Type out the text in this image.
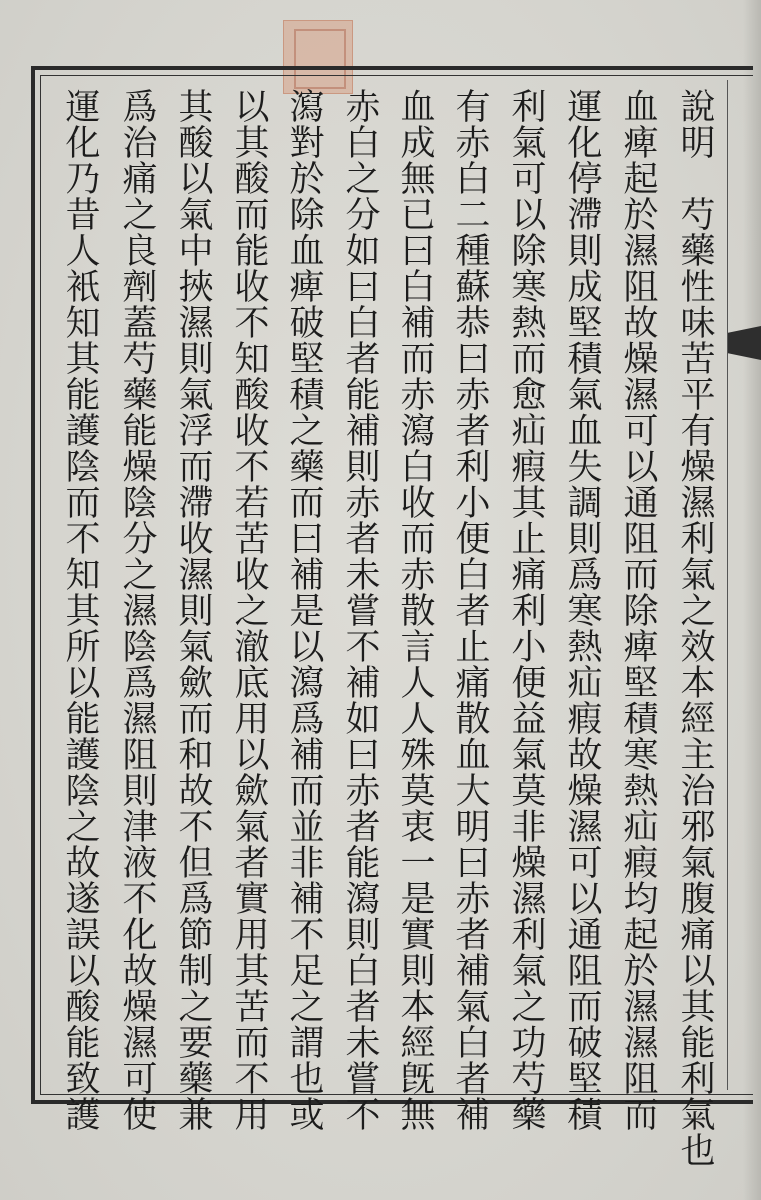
說明　芍藥性味苦平有燥濕利氣之效本經主治邪氣腹痛以其能利氣也
血痺起於濕阻故燥濕可以通阻而除痺堅積寒熱疝瘕均起於濕濕阻而
運化停滯則成堅積氣血失調則爲寒熱疝瘕故燥濕可以通阻而破堅積
利氣可以除寒熱而愈疝瘕其止痛利小便益氣莫非燥濕利氣之功芍藥
有赤白二種蘇恭曰赤者利小便白者止痛散血大明曰赤者補氣白者補
血成無已曰白補而赤瀉白收而赤散言人人殊莫衷一是實則本經旣無
赤白之分如曰白者能補則赤者未嘗不補如曰赤者能瀉則白者未嘗不
瀉對於除血痺破堅積之藥而曰補是以瀉爲補而並非補不足之謂也或
以其酸而能收不知酸收不若苦收之澈底用以歛氣者實用其苦而不用
其酸以氣中挾濕則氣浮而滯收濕則氣歛而和故不但爲節制之要藥兼
爲治痛之良劑蓋芍藥能燥陰分之濕陰爲濕阻則津液不化故燥濕可使
運化乃昔人衹知其能護陰而不知其所以能護陰之故遂誤以酸能致護
